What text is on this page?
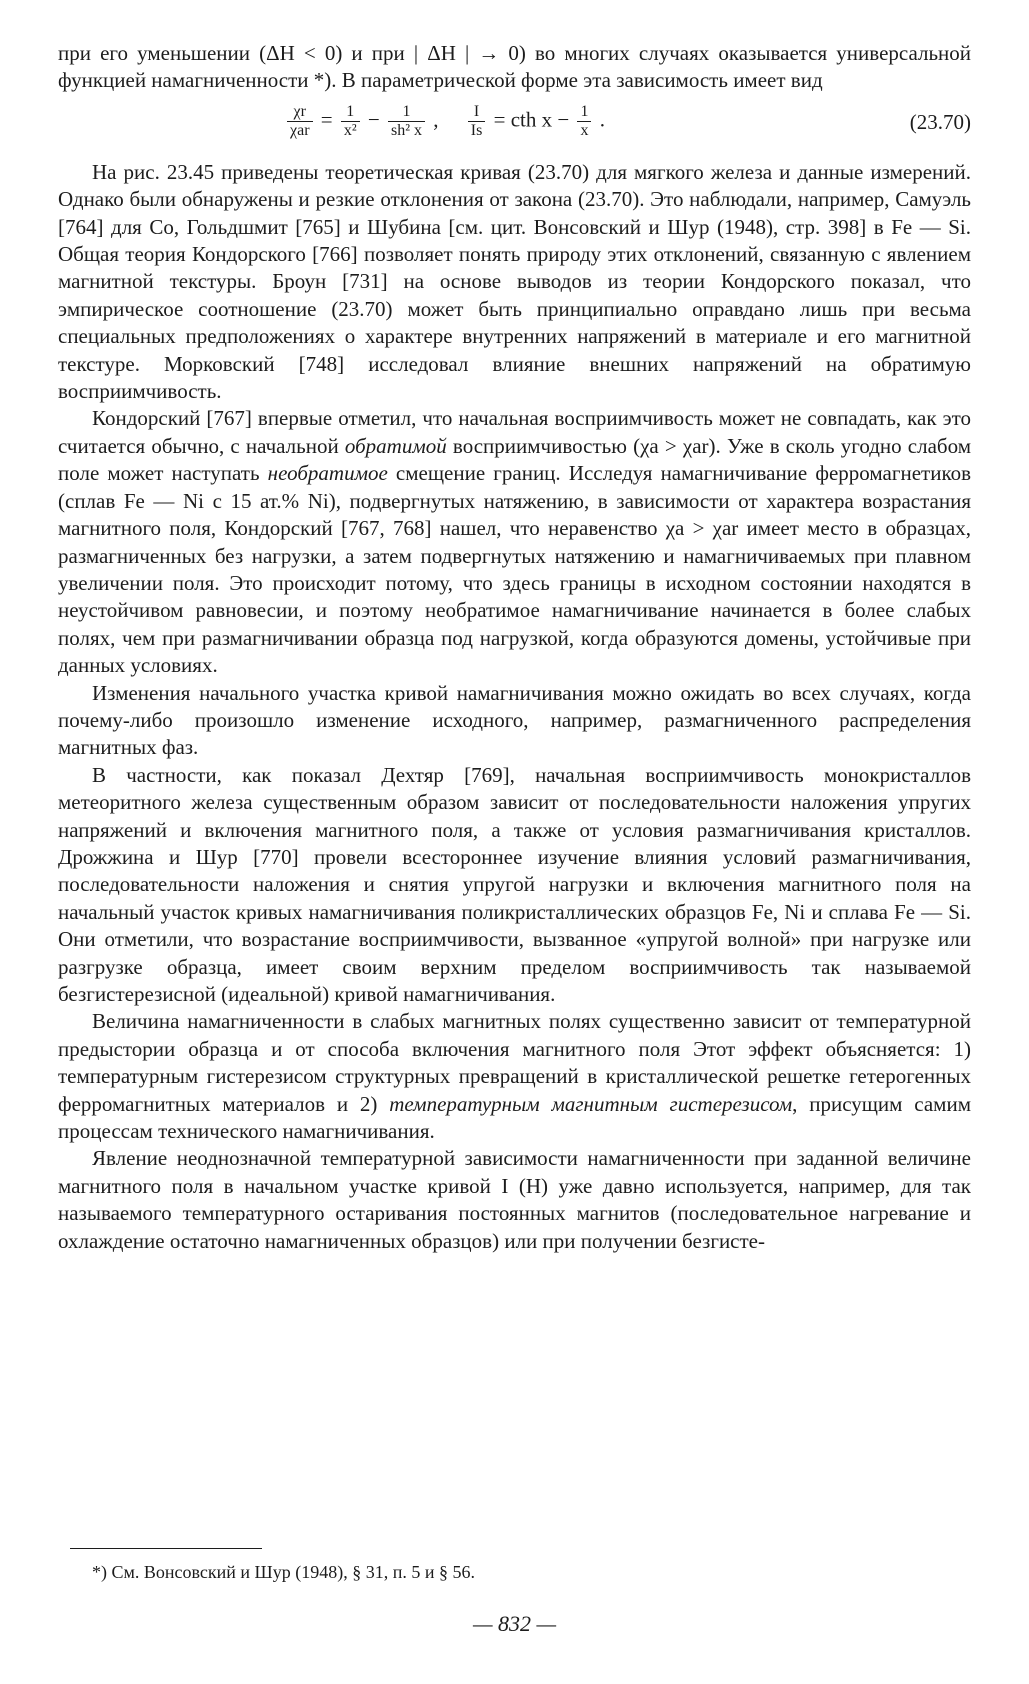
при его уменьшении (ΔH < 0) и при | ΔH | → 0) во многих случаях оказывается универсальной функцией намагниченности *). В параметрической форме эта зависимость имеет вид

$\frac{\chi r}{\text{χar}} = \frac{1}{\text{x²}} - \frac{1}{\text{sh² x}}$ , $\frac{I}{Is}$ = cth $x - \frac{1}{x}$ .	(23.70)

На рис. 23.45 приведены теоретическая кривая (23.70) для мягкого железа и данные измерений. Однако были обнаружены и резкие отклонения от закона (23.70). Это наблюдали, например, Самуэль [764] для Co, Гольдшмит [765] и Шубина [см. цит. Вонсовский и Шур (1948), стр. 398] в Fe — Si. Общая теория Кондорского [766] позволяет понять природу этих отклонений, связанную с явлением магнитной текстуры. Броун [731] на основе выводов из теории Кондорского показал, что эмпирическое соотношение (23.70) может быть принципиально оправдано лишь при весьма специальных предположениях о характере внутренних напряжений в материале и его магнитной текстуре. Морковский [748] исследовал влияние внешних напряжений на обратимую восприимчивость.

Кондорский [767] впервые отметил, что начальная восприимчивость может не совпадать, как это считается обычно, с начальной обратимой восприимчивостью (χa > χar). Уже в сколь угодно слабом поле может наступать необратимое смещение границ. Исследуя намагничивание ферромагнетиков (сплав Fe — Ni с 15 ат.% Ni), подвергнутых натяжению, в зависимости от характера возрастания магнитного поля, Кондорский [767, 768] нашел, что неравенство χa > χar имеет место в образцах, размагниченных без нагрузки, а затем подвергнутых натяжению и намагничиваемых при плавном увеличении поля. Это происходит потому, что здесь границы в исходном состоянии находятся в неустойчивом равновесии, и поэтому необратимое намагничивание начинается в более слабых полях, чем при размагничивании образца под нагрузкой, когда образуются домены, устойчивые при данных условиях.

Изменения начального участка кривой намагничивания можно ожидать во всех случаях, когда почему-либо произошло изменение исходного, например, размагниченного распределения магнитных фаз.

В частности, как показал Дехтяр [769], начальная восприимчивость монокристаллов метеоритного железа существенным образом зависит от последовательности наложения упругих напряжений и включения магнитного поля, а также от условия размагничивания кристаллов. Дрожжина и Шур [770] провели всестороннее изучение влияния условий размагничивания, последовательности наложения и снятия упругой нагрузки и включения магнитного поля на начальный участок кривых намагничивания поликристаллических образцов Fe, Ni и сплава Fe — Si. Они отметили, что возрастание восприимчивости, вызванное «упругой волной» при нагрузке или разгрузке образца, имеет своим верхним пределом восприимчивость так называемой безгистерезисной (идеальной) кривой намагничивания.

Величина намагниченности в слабых магнитных полях существенно зависит от температурной предыстории образца и от способа включения магнитного поля Этот эффект объясняется: 1) температурным гистерезисом структурных превращений в кристаллической решетке гетерогенных ферромагнитных материалов и 2) температурным магнитным гистерезисом, присущим самим процессам технического намагничивания.

Явление неоднозначной температурной зависимости намагниченности при заданной величине магнитного поля в начальном участке кривой I (H) уже давно используется, например, для так называемого температурного остаривания постоянных магнитов (последовательное нагревание и охлаждение остаточно намагниченных образцов) или при получении безгисте-

*) См. Вонсовский и Шур (1948), § 31, п. 5 и § 56.
— 832 —
